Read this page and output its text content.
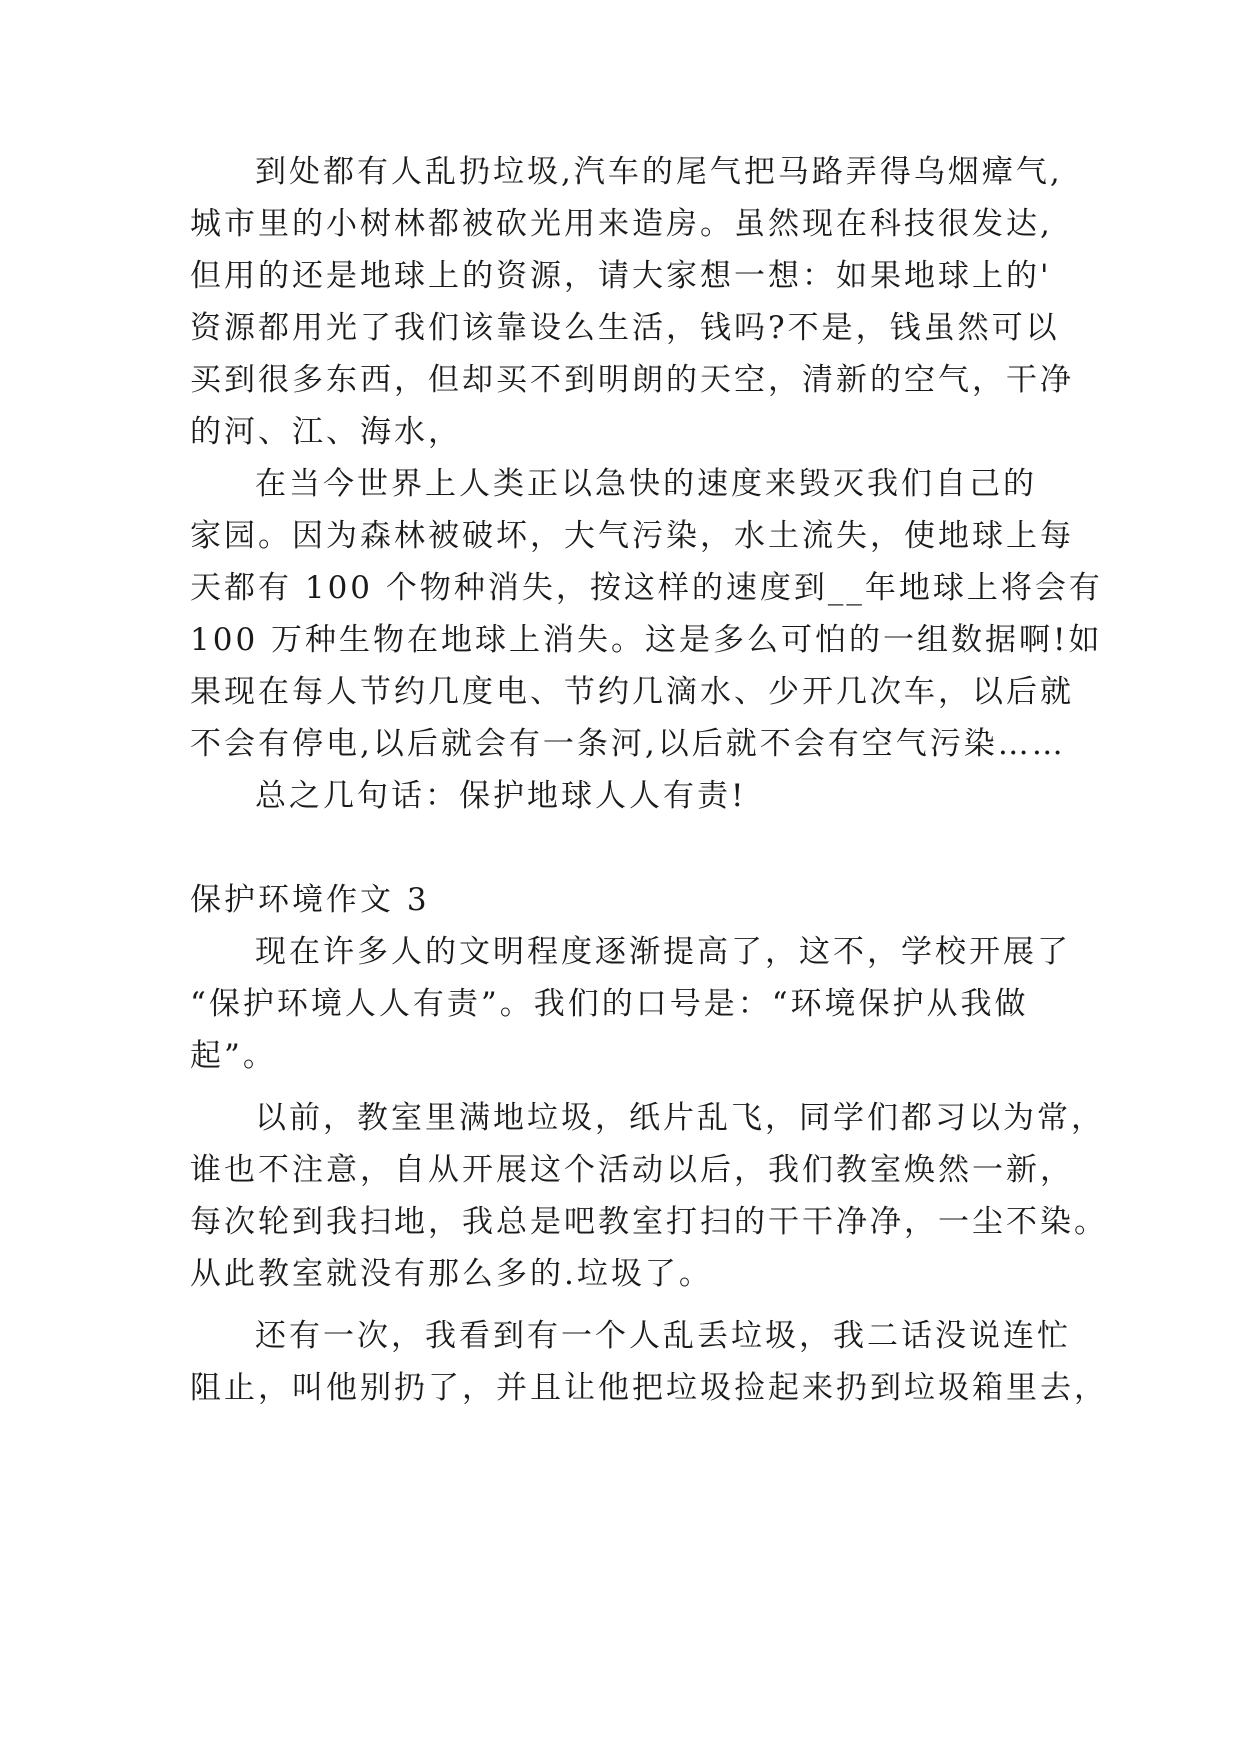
到处都有人乱扔垃圾,汽车的尾气把马路弄得乌烟瘴气,
城市里的小树林都被砍光用来造房。虽然现在科技很发达,
但用的还是地球上的资源，请大家想一想：如果地球上的'
资源都用光了我们该靠设么生活，钱吗?不是，钱虽然可以
买到很多东西，但却买不到明朗的天空，清新的空气，干净
的河、江、海水，
在当今世界上人类正以急快的速度来毁灭我们自己的
家园。因为森林被破坏，大气污染，水土流失，使地球上每
天都有 100 个物种消失，按这样的速度到__年地球上将会有
100 万种生物在地球上消失。这是多么可怕的一组数据啊!如
果现在每人节约几度电、节约几滴水、少开几次车，以后就
不会有停电,以后就会有一条河,以后就不会有空气污染……
总之几句话：保护地球人人有责!
保护环境作文 3
现在许多人的文明程度逐渐提高了，这不，学校开展了
“保护环境人人有责”。我们的口号是：“环境保护从我做
起”。
以前，教室里满地垃圾，纸片乱飞，同学们都习以为常，
谁也不注意，自从开展这个活动以后，我们教室焕然一新，
每次轮到我扫地，我总是吧教室打扫的干干净净，一尘不染。
从此教室就没有那么多的.垃圾了。
还有一次，我看到有一个人乱丢垃圾，我二话没说连忙
阻止，叫他别扔了，并且让他把垃圾捡起来扔到垃圾箱里去，
